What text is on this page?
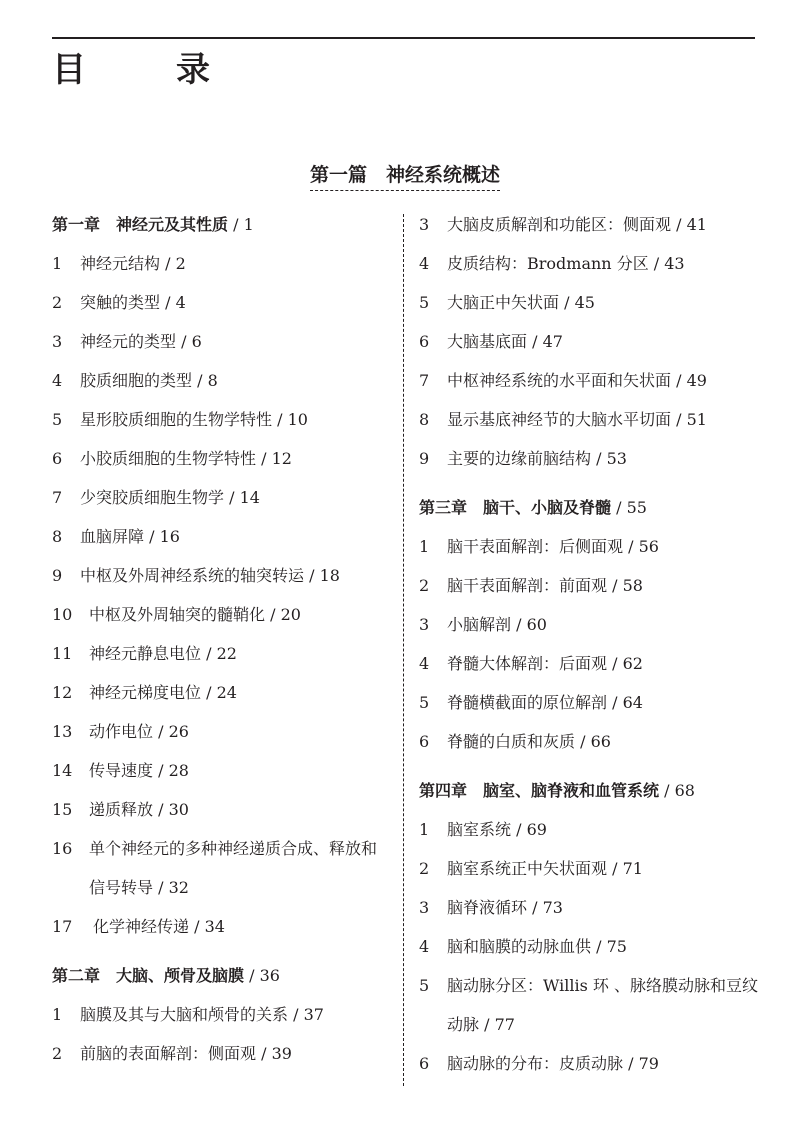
目　录
第一篇　神经系统概述
第一章　神经元及其性质 / 1
1 神经元结构 / 2
2 突触的类型 / 4
3 神经元的类型 / 6
4 胶质细胞的类型 / 8
5 星形胶质细胞的生物学特性 / 10
6 小胶质细胞的生物学特性 / 12
7 少突胶质细胞生物学 / 14
8 血脑屏障 / 16
9 中枢及外周神经系统的轴突转运 / 18
10 中枢及外周轴突的髓鞘化 / 20
11 神经元静息电位 / 22
12 神经元梯度电位 / 24
13 动作电位 / 26
14 传导速度 / 28
15 递质释放 / 30
16	单个神经元的多种神经递质合成、释放和信号转导 / 32
17 化学神经传递 / 34
第二章　大脑、颅骨及脑膜 / 36
1 脑膜及其与大脑和颅骨的关系 / 37
2 前脑的表面解剖：侧面观 / 39
3 大脑皮质解剖和功能区：侧面观 / 41
4 皮质结构：Brodmann 分区 / 43
5 大脑正中矢状面 / 45
6 大脑基底面 / 47
7 中枢神经系统的水平面和矢状面 / 49
8 显示基底神经节的大脑水平切面 / 51
9 主要的边缘前脑结构 / 53
第三章　脑干、小脑及脊髓 / 55
1 脑干表面解剖：后侧面观 / 56
2 脑干表面解剖：前面观 / 58
3 小脑解剖 / 60
4 脊髓大体解剖：后面观 / 62
5 脊髓横截面的原位解剖 / 64
6 脊髓的白质和灰质 / 66
第四章　脑室、脑脊液和血管系统 / 68
1 脑室系统 / 69
2 脑室系统正中矢状面观 / 71
3 脑脊液循环 / 73
4 脑和脑膜的动脉血供 / 75
5	脑动脉分区：Willis 环 、脉络膜动脉和豆纹动脉 / 77
6 脑动脉的分布：皮质动脉 / 79
